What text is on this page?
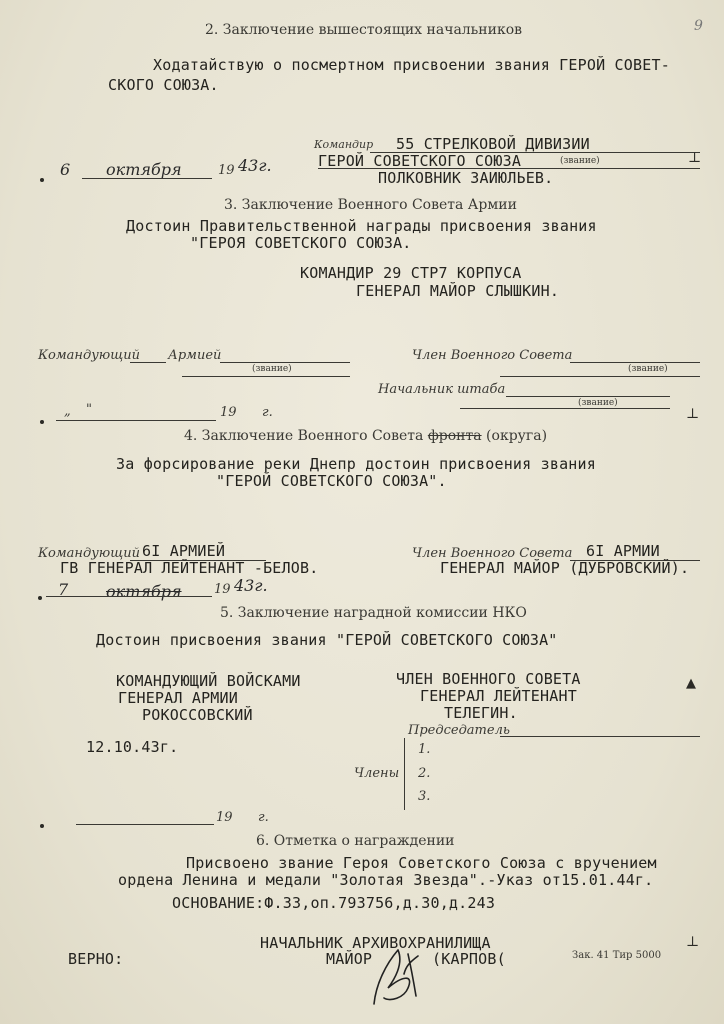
9
2. Заключение вышестоящих начальников
Ходатайствую о посмертном присвоении звания ГЕРОЙ СОВЕТ-
СКОГО СОЮЗА.
Командир 55 СТРЕЛКОВОЙ ДИВИЗИИ
ГЕРОЙ СОВЕТСКОГО СОЮЗА	(звание)
ПОЛКОВНИК ЗАИЮЛЬЕВ.
6 октября	19 43г.	⊥
3. Заключение Военного Совета Армии
Достоин Правительственной награды присвоения звания
"ГЕРОЯ СОВЕТСКОГО СОЮЗА.
КОМАНДИР 29 СТР7 КОРПУСА
ГЕНЕРАЛ МАЙОР СЛЫШКИН.
Командующий Армией
(звание)
Член Военного Совета
(звание)
Начальник штаба
(звание)
„ "	19 г.	⊥
4. Заключение Военного Совета фронта (округа)
За форсирование реки Днепр достоин присвоения звания
"ГЕРОЙ СОВЕТСКОГО СОЮЗА".
Командующий 6I АРМИЕЙ
ГВ ГЕНЕРАЛ ЛЕЙТЕНАНТ -БЕЛОВ.
Член Военного Совета 6I АРМИИ
ГЕНЕРАЛ МАЙОР (ДУБРОВСКИЙ).
7 октября 19 43г.
5. Заключение наградной комиссии НКО
Достоин присвоения звания "ГЕРОЙ СОВЕТСКОГО СОЮЗА"
КОМАНДУЮЩИЙ ВОЙСКАМИ
ГЕНЕРАЛ АРМИИ
РОКОССОВСКИЙ
ЧЛЕН ВОЕННОГО СОВЕТА
ГЕНЕРАЛ ЛЕЙТЕНАНТ
ТЕЛЕГИН.
▲
Председатель
12.10.43г.
Члены
1.
2.
3.
19 г.
6. Отметка о награждении
Присвоено звание Героя Советского Союза с вручением
ордена Ленина и медали "Золотая Звезда".-Указ от15.01.44г.
ОСНОВАНИЕ:Ф.33,оп.793756,д.30,д.243
ВЕРНО:
НАЧАЛЬНИК АРХИВОХРАНИЛИЩА
МАЙОР	(КАРПОВ(	Зак. 41 Тир 5000
⊥
